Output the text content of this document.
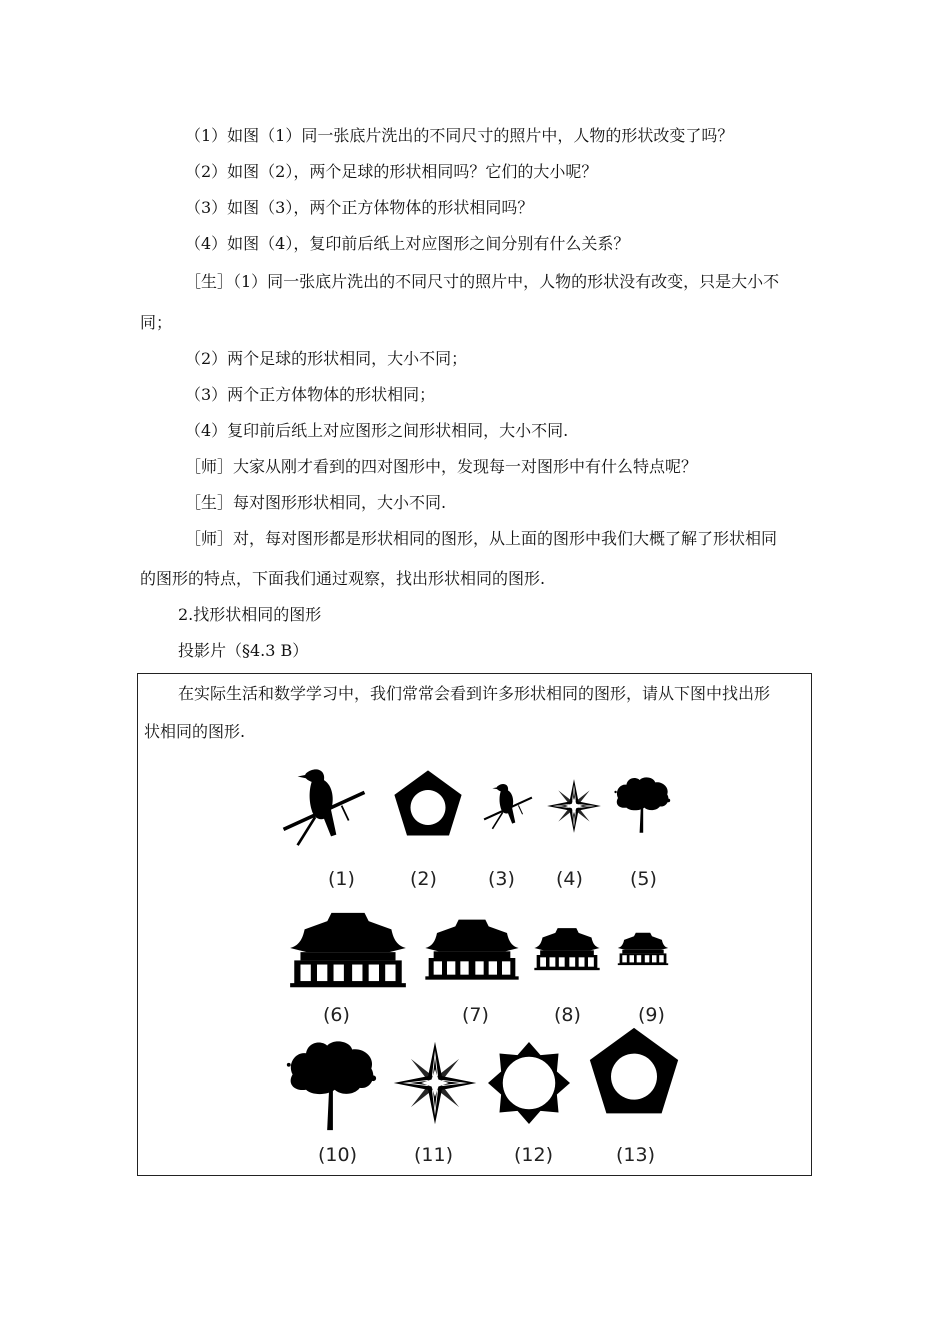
（1）如图（1）同一张底片洗出的不同尺寸的照片中，人物的形状改变了吗？
（2）如图（2），两个足球的形状相同吗？它们的大小呢？
（3）如图（3），两个正方体物体的形状相同吗？
（4）如图（4），复印前后纸上对应图形之间分别有什么关系？
［生］（1）同一张底片洗出的不同尺寸的照片中，人物的形状没有改变，只是大小不
同；
（2）两个足球的形状相同，大小不同；
（3）两个正方体物体的形状相同；
（4）复印前后纸上对应图形之间形状相同，大小不同.
［师］大家从刚才看到的四对图形中，发现每一对图形中有什么特点呢？
［生］每对图形形状相同，大小不同.
［师］对，每对图形都是形状相同的图形，从上面的图形中我们大概了解了形状相同
的图形的特点，下面我们通过观察，找出形状相同的图形.
2.找形状相同的图形
投影片（§4.3 B）
在实际生活和数学学习中，我们常常会看到许多形状相同的图形，请从下图中找出形
状相同的图形.
(1)	(2)	(3) (4) (5)
(6)	(7)	(8)	(9)
(10)	(11)	(12)	(13)
